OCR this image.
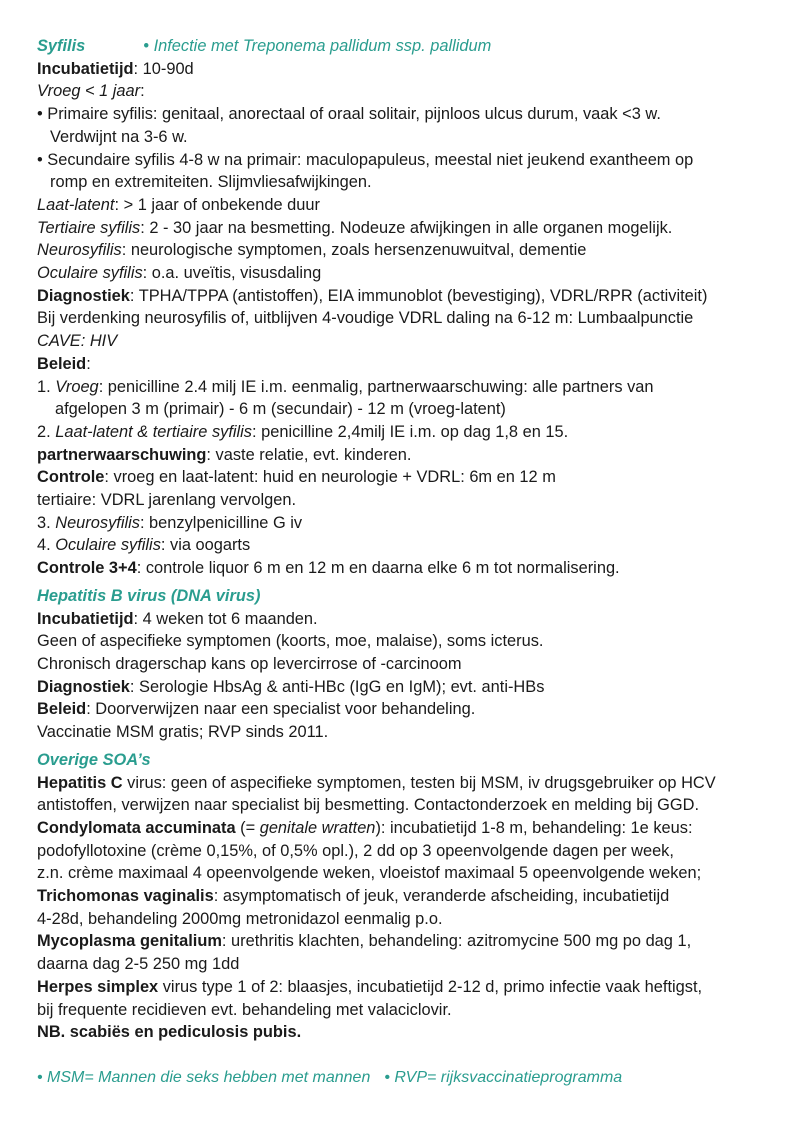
Syfilis	• Infectie met Treponema pallidum ssp. pallidum
Incubatietijd: 10-90d
Vroeg < 1 jaar:
• Primaire syfilis: genitaal, anorectaal of oraal solitair, pijnloos ulcus durum, vaak <3 w.
Verdwijnt na 3-6 w.
• Secundaire syfilis 4-8 w na primair: maculopapuleus, meestal niet jeukend exantheem op
romp en extremiteiten. Slijmvliesafwijkingen.
Laat-latent: > 1 jaar of onbekende duur
Tertiaire syfilis: 2 - 30 jaar na besmetting. Nodeuze afwijkingen in alle organen mogelijk.
Neurosyfilis: neurologische symptomen, zoals hersenzenuwuitval, dementie
Oculaire syfilis: o.a. uveïtis, visusdaling
Diagnostiek: TPHA/TPPA (antistoffen), EIA immunoblot (bevestiging), VDRL/RPR (activiteit)
Bij verdenking neurosyfilis of, uitblijven 4-voudige VDRL daling na 6-12 m: Lumbaalpunctie
CAVE: HIV
Beleid:
1. Vroeg: penicilline 2.4 milj IE i.m. eenmalig, partnerwaarschuwing: alle partners van
afgelopen 3 m (primair) - 6 m (secundair) - 12 m (vroeg-latent)
2. Laat-latent & tertiaire syfilis: penicilline 2,4milj IE i.m. op dag 1,8 en 15.
partnerwaarschuwing: vaste relatie, evt. kinderen.
Controle: vroeg en laat-latent: huid en neurologie + VDRL: 6m en 12 m
tertiaire: VDRL jarenlang vervolgen.
3. Neurosyfilis: benzylpenicilline G iv
4. Oculaire syfilis: via oogarts
Controle 3+4: controle liquor 6 m en 12 m en daarna elke 6 m tot normalisering.
Hepatitis B virus (DNA virus)
Incubatietijd: 4 weken tot 6 maanden.
Geen of aspecifieke symptomen (koorts, moe, malaise), soms icterus.
Chronisch dragerschap kans op levercirrose of -carcinoom
Diagnostiek: Serologie HbsAg & anti-HBc (IgG en IgM); evt. anti-HBs
Beleid: Doorverwijzen naar een specialist voor behandeling.
Vaccinatie MSM gratis; RVP sinds 2011.
Overige SOA’s
Hepatitis C virus: geen of aspecifieke symptomen, testen bij MSM, iv drugsgebruiker op HCV
antistoffen, verwijzen naar specialist bij besmetting. Contactonderzoek en melding bij GGD.
Condylomata accuminata (= genitale wratten): incubatietijd 1-8 m, behandeling: 1e keus:
podofyllotoxine (crème 0,15%, of 0,5% opl.), 2 dd op 3 opeenvolgende dagen per week,
z.n. crème maximaal 4 opeenvolgende weken, vloeistof maximaal 5 opeenvolgende weken;
Trichomonas vaginalis: asymptomatisch of jeuk, veranderde afscheiding, incubatietijd
4-28d, behandeling 2000mg metronidazol eenmalig p.o.
Mycoplasma genitalium: urethritis klachten, behandeling: azitromycine 500 mg po dag 1,
daarna dag 2-5 250 mg 1dd
Herpes simplex virus type 1 of 2: blaasjes, incubatietijd 2-12 d, primo infectie vaak heftigst,
bij frequente recidieven evt. behandeling met valaciclovir.
NB. scabiës en pediculosis pubis.
• MSM= Mannen die seks hebben met mannen • RVP= rijksvaccinatieprogramma
